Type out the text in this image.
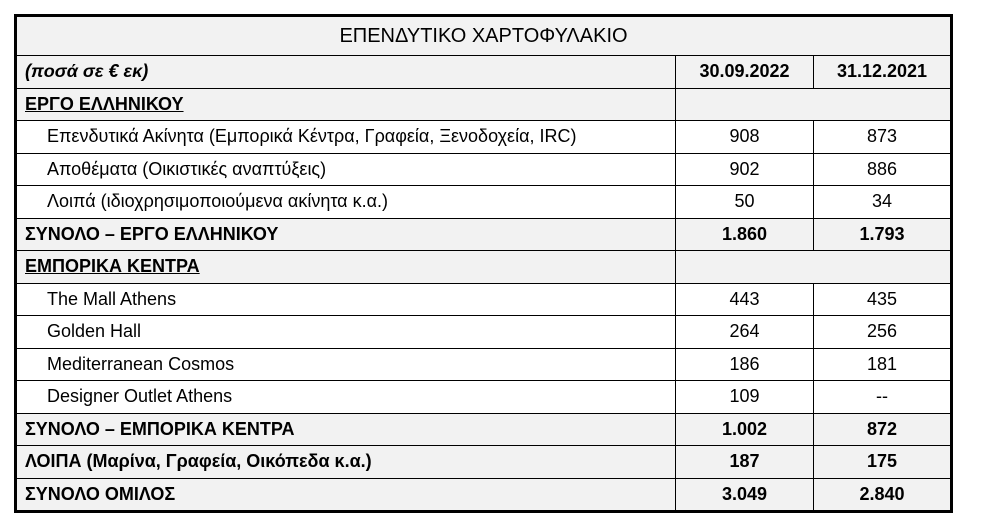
ΕΠΕΝΔΥΤΙΚΟ ΧΑΡΤΟΦΥΛΑΚΙΟ		
(ποσά σε € εκ)	30.09.2022	31.12.2021
ΕΡΓΟ ΕΛΛΗΝΙΚΟΥ		
Επενδυτικά Ακίνητα (Εμπορικά Κέντρα, Γραφεία, Ξενοδοχεία, IRC)	908	873
Αποθέματα (Οικιστικές αναπτύξεις)	902	886
Λοιπά (ιδιοχρησιμοποιούμενα ακίνητα κ.α.)	50	34
ΣΥΝΟΛΟ – ΕΡΓΟ ΕΛΛΗΝΙΚΟΥ	1.860	1.793
ΕΜΠΟΡΙΚΑ ΚΕΝΤΡΑ		
The Mall Athens	443	435
Golden Hall	264	256
Mediterranean Cosmos	186	181
Designer Outlet Athens	109	--
ΣΥΝΟΛΟ – ΕΜΠΟΡΙΚΑ ΚΕΝΤΡΑ	1.002	872
ΛΟΙΠΑ (Μαρίνα, Γραφεία, Οικόπεδα κ.α.)	187	175
ΣΥΝΟΛΟ ΟΜΙΛΟΣ	3.049	2.840
